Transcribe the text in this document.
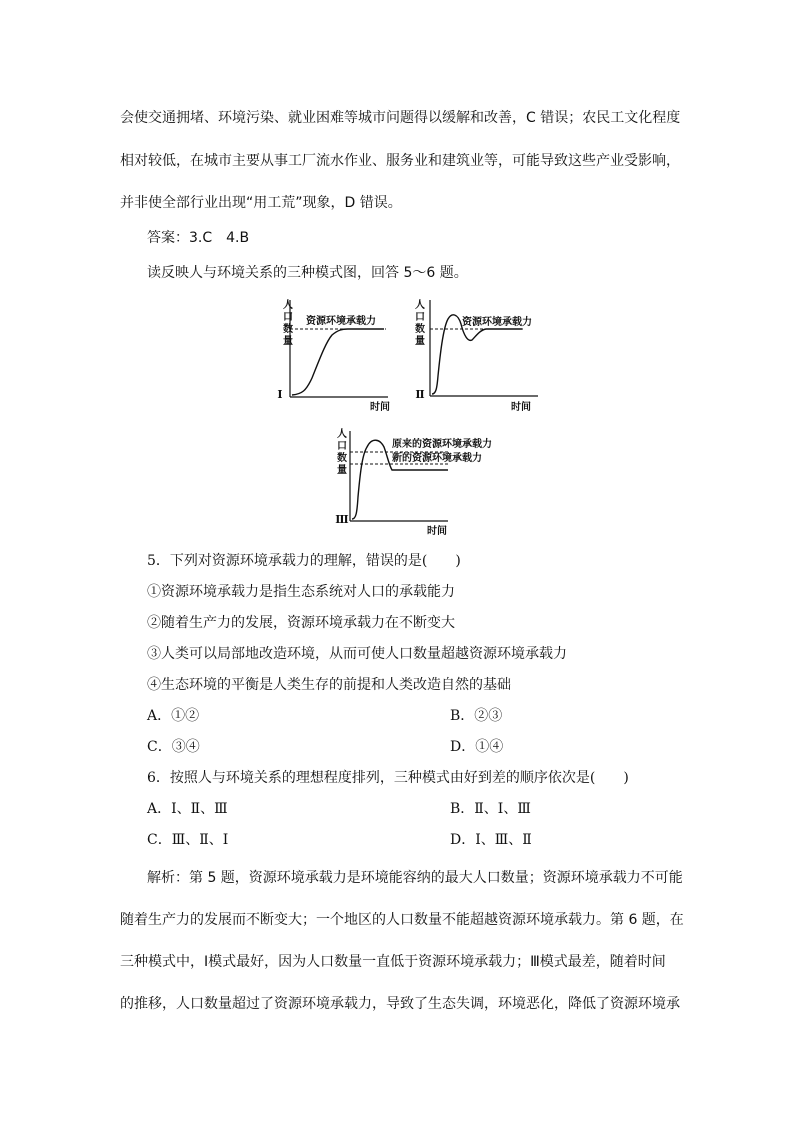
会使交通拥堵、环境污染、就业困难等城市问题得以缓解和改善，C 错误；农民工文化程度
相对较低，在城市主要从事工厂流水作业、服务业和建筑业等，可能导致这些产业受影响，
并非使全部行业出现“用工荒”现象，D 错误。
答案：3.C　4.B
读反映人与环境关系的三种模式图，回答 5～6 题。
人
口
数
量
资源环境承载力
Ⅰ
时间
人
口
数
量
资源环境承载力
Ⅱ
时间
人
口
数
量
原来的资源环境承载力
新的资源环境承载力
Ⅲ
时间
5．下列对资源环境承载力的理解，错误的是(　　)
①资源环境承载力是指生态系统对人口的承载能力
②随着生产力的发展，资源环境承载力在不断变大
③人类可以局部地改造环境，从而可使人口数量超越资源环境承载力
④生态环境的平衡是人类生存的前提和人类改造自然的基础
A．①②	B．②③
C．③④	D．①④
6．按照人与环境关系的理想程度排列，三种模式由好到差的顺序依次是(　　)
A．Ⅰ、Ⅱ、Ⅲ	B．Ⅱ、Ⅰ、Ⅲ
C．Ⅲ、Ⅱ、Ⅰ	D．Ⅰ、Ⅲ、Ⅱ
解析：第 5 题，资源环境承载力是环境能容纳的最大人口数量；资源环境承载力不可能
随着生产力的发展而不断变大；一个地区的人口数量不能超越资源环境承载力。第 6 题，在
三种模式中，Ⅰ模式最好，因为人口数量一直低于资源环境承载力；Ⅲ模式最差，随着时间
的推移，人口数量超过了资源环境承载力，导致了生态失调，环境恶化，降低了资源环境承
